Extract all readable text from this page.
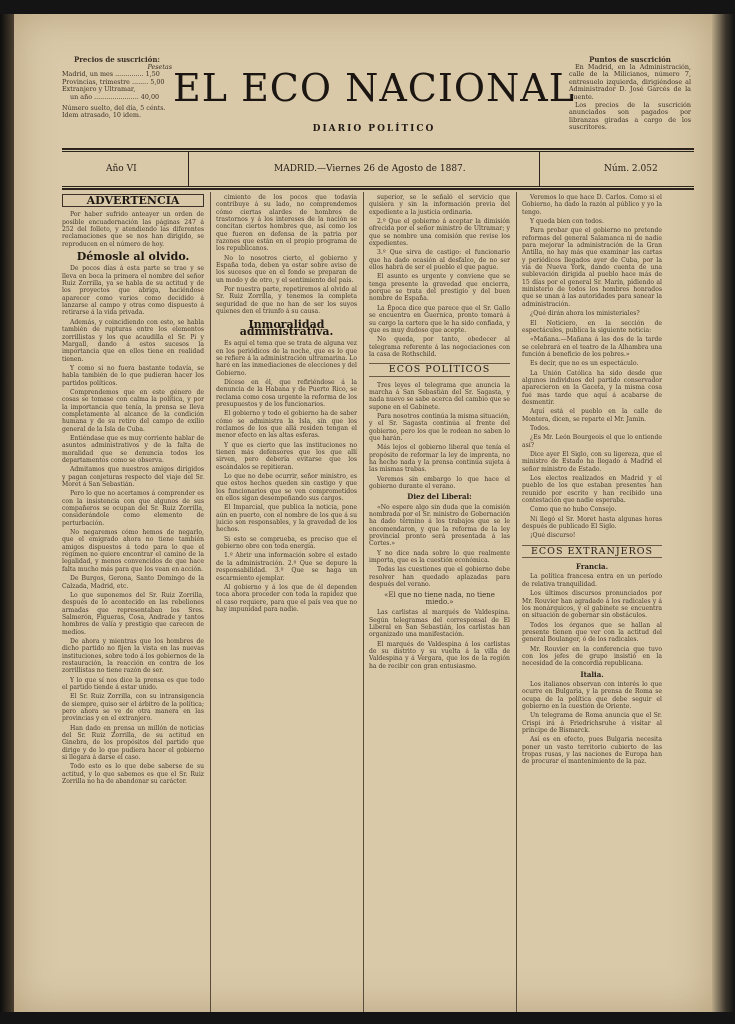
Precios de suscrición:
Pesetas
Madrid, un mes .............. 1,50
Provincias, trimestre ........ 5,00
Extranjero y Ultramar,
un año ...................... 40,00
Número suelto, del día, 5 cénts.
Idem atrasado, 10 idem.
EL ECO NACIONAL
DIARIO POLÍTICO
Puntos de suscrición
En Madrid, en la Administración, calle de la Milicianos, número 7, entresuelo izquierda, dirigiéndose al Administrador D. José Garcés de la Fuente.
Los precios de la suscrición anunciados son pagados por libranzas giradas a cargo de los suscritores.
Año VI	MADRID.—Viernes 26 de Agosto de 1887.	Núm. 2.052
ADVERTENCIA

Por haber sufrido anteayer un orden de posible encuadernación las páginas 247 á 252 del folleto, y atendiendo las diferentes reclamaciones que se nos han dirigido, se reproducen en el número de hoy.

Démosle al olvido.

De pocos días á esta parte se trae y se lleva en boca la primera el nombre del señor Ruiz Zorrilla, ya se habla de su actitud y de los proyectos que abriga, haciéndose aparecer como varios como decidido á lanzarse al campo y otras como dispuesto á retirarse á la vida privada.

Además, y coincidiendo con esto, se habla también de rupturas entre los elementos zorrillistas y los que acaudilla el Sr. Pi y Margall, dando á estos sucesos la importancia que en ellos tiene en realidad tienen.

Y como si no fuera bastante todavía, se habla también de lo que pudieran hacer los partidos políticos.

Comprendemos que en este género de cosas se tomase con calma la política, y por la importancia que tenía, la prensa se lleva completamente al alcance de la condición humana y de su retiro del campo de exilio general de la Isla de Cuba.

Entiéndase que es muy corriente hablar de asuntos administrativos y de la falta de moralidad que se denuncia todos los departamentos como se observa.

Admitamos que nuestros amigos dirigidos y pagan conjeturas respecto del viaje del Sr. Moret á San Sebastián.

Pero lo que no acertamos á comprender es con la insistencia con que algunos de sus compañeros se ocupan del Sr. Ruiz Zorrilla, considerándole como elemento de perturbación.

No negaremos cómo hemos de negarlo, que el emigrado ahora no tiene también amigos dispuestos á todo para lo que el régimen no quiere encontrar el camino de la legalidad, y menos convencidos de que hace falta mucho más para que los vean en acción.

De Burgos, Gerona, Santo Domingo de la Calzada, Madrid, etc.

Lo que suponemos del Sr. Ruiz Zorrilla, después de lo acontecido en las rebeliones armadas que representaban los Sres. Salmerón, Figueras, Cosa, Andrade y tantos hombres de valía y prestigio que carecen de medios.

De ahora y mientras que los hombres de dicho partido no fijen la vista en las nuevas instituciones, sobre todo á los gobiernos de la restauración, la reacción en contra de los zorrillistas no tiene razón de ser.

Y lo que sí nos dice la prensa es que todo el partido tiende á estar unido.

El Sr. Ruiz Zorrilla, con su intransigencia de siempre, quiso ser el árbitro de la política; pero ahora se ve de otra manera en las provincias y en el extranjero.

Han dado en prensa un millón de noticias del Sr. Ruiz Zorrilla, de su actitud en Ginebra, de los propósitos del partido que dirige y de lo que pudiera hacer el gobierno si llegara á darse el caso.

Todo esto es lo que debe saberse de su actitud, y lo que sabemos es que el Sr. Ruiz Zorrilla no ha de abandonar su carácter.

cimiento de los pocos que todavía contribuye á su lado, no comprendemos cómo ciertas alardes de hombres de trastornos y á los intereses de la nación se concitan ciertos hombres que, así como los que fueron en defensa de la patria por razones que están en el propio programa de los republicanos.

No lo nosotros cierto, el gobierno y España toda, deben ya estar sobre aviso de los sucesos que en el fondo se preparan de un modo y de otro, y el sentimiento del país.

Por nuestra parte, repetiremos al olvido al Sr. Ruiz Zorrilla, y tenemos la completa seguridad de que no han de ser los suyos quienes den el triunfo á su causa.

Inmoralidad administrativa.

Es aquí el tema que se trata de alguna vez en los periódicos de la noche, que es lo que se refiere á la administración ultramarina. Lo haré en las inmediaciones de elecciones y del Gobierno.

Dícese en él, que refiriéndose á la denuncia de la Habana y de Puerto Rico, se reclama como cosa urgente la reforma de los presupuestos y de los funcionarios.

El gobierno y todo el gobierno ha de saber cómo se administra la Isla, sin que los reclamos de los que allá residen tengan el menor efecto en las altas esferas.

Y que es cierto que las instituciones no tienen más defensores que los que allí sirven, pero debería evitarse que los escándalos se repitieran.

Lo que no debe ocurrir, señor ministro, es que estos hechos queden sin castigo y que los funcionarios que se ven comprometidos en ellos sigan desempeñando sus cargos.

El Imparcial, que publica la noticia, pone aún en puerto, con el nombre de los que á su juicio son responsables, y la gravedad de los hechos.

Si esto se comprueba, es preciso que el gobierno obre con toda energía.

1.º Abrir una información sobre el estado de la administración. 2.º Que se depure la responsabilidad. 3.º Que se haga un escarmiento ejemplar.

Al gobierno y á los que de él dependen toca ahora proceder con toda la rapidez que el caso requiere, para que el país vea que no hay impunidad para nadie.

superior, se le señaló el servicio que quisiera y sin la información previa del expediente a la justicia ordinaria.

2.º Que el gobierno á aceptar la dimisión ofrecida por el señor ministro de Ultramar; y que se nombre una comisión que revise los expedientes.

3.º Que sirva de castigo: el funcionario que ha dado ocasión al desfalco, de no ser ellos habrá de ser el pueblo el que pague.

El asunto es urgente y conviene que se tenga presente la gravedad que encierra, porque se trata del prestigio y del buen nombre de España.

La Época dice que parece que el Sr. Gallo se encuentra en Guernica, pronto tomará á su cargo la cartera que le ha sido confiada, y que es muy dudoso que acepte.

No queda, por tanto, obedecer al telegrama referente á las negociaciones con la casa de Rothschild.

ECOS POLÍTICOS

Tres leyes el telegrama que anuncia la marcha á San Sebastián del Sr. Sagasta, y nada nuevo se sabe acerca del cambio que se supone en el Gabinete.

Para nosotros continúa la misma situación, y el Sr. Sagasta continúa al frente del gobierno, pero los que le rodean no saben lo que harán.

Más lejos el gobierno liberal que tenía el propósito de reformar la ley de imprenta, no ha hecho nada y la prensa continúa sujeta á las mismas trabas.

Veremos sin embargo lo que hace el gobierno durante el verano.

Diez del Liberal:

«No espere algo sin duda que la comisión nombrada por el Sr. ministro de Gobernación ha dado término á los trabajos que se le encomendaron, y que la reforma de la ley provincial pronto será presentada á las Cortes.»

Y no dice nada sobre lo que realmente importa, que es la cuestión económica.

Todas las cuestiones que el gobierno debe resolver han quedado aplazadas para después del verano.

«El que no tiene nada, no tiene miedo.»

Las carlistas al marqués de Valdespina. Según telegramas del corresponsal de El Liberal en San Sebastián, los carlistas han organizado una manifestación.

El marqués de Valdespina á los carlistas de su distrito y su vuelta á la villa de Valdespina y á Vergara, que los de la región ha de recibir con gran entusiasmo.

Veremos lo que hace D. Carlos. Como si el Gobierno, ha dado la razón al público y yo la tengo.

Y queda bien con todos.

Para probar que el gobierno no pretende reformas del general Salamanca ni de nadie para mejorar la administración de la Gran Antilla, no hay más que examinar las cartas y periódicos llegados ayer de Cuba, por la vía de Nueva York, dando cuenta de una sublevación dirigida al pueblo hace más de 15 días por el general Sr. Marín, pidiendo al ministerio de todos los hombres honrados que se unan á las autoridades para sanear la administración.

¿Qué dirán ahora los ministeriales?

El Noticiero, en la sección de espectáculos, publica la siguiente noticia:

«Mañana.—Mañana á las dos de la tarde se celebrará en el teatro de la Alhambra una función á beneficio de los pobres.»

Es decir, que no es un espectáculo.

La Unión Católica ha sido desde que algunos individuos del partido conservador aparecieron en la Gaceta, y la misma cosa fué mas tarde que aquí á acabarse de desmentir.

Aquí está el pueblo en la calle de Montera, dicen, se reparte el Mr. Jamin.

Todos.

¿Es Mr. León Bourgeois el que lo entiende así?

Dice ayer El Siglo, con su ligereza, que el ministro de Estado ha llegado á Madrid el señor ministro de Estado.

Los electos realizados en Madrid y el pueblo de los que estaban presentes han reunido por escrito y han recibido una contestación que nadie esperaba.

Como que no hubo Consejo.

Ni llegó el Sr. Moret hasta algunas horas después de publicado El Siglo.

¡Qué discurso!

ECOS EXTRANJEROS
Francia.

La política francesa entra en un período de relativa tranquilidad.

Los últimos discursos pronunciados por Mr. Rouvier han agradado á los radicales y á los monárquicos, y el gabinete se encuentra en situación de gobernar sin obstáculos.

Todos los órganos que se hallan al presente tienen que ver con la actitud del general Boulanger, ó de los radicales.

Mr. Rouvier en la conferencia que tuvo con los jefes de grupo insistió en la necesidad de la concordia republicana.

Italia.

Los italianos observan con interés lo que ocurre en Bulgaria, y la prensa de Roma se ocupa de la política que debe seguir el gobierno en la cuestión de Oriente.

Un telegrama de Roma anuncia que el Sr. Crispi irá á Friedrichsruhe á visitar al príncipe de Bismarck.

Así es en efecto, pues Bulgaria necesita poner un vasto territorio cubierto de las tropas rusas, y las naciones de Europa han de procurar el mantenimiento de la paz.
